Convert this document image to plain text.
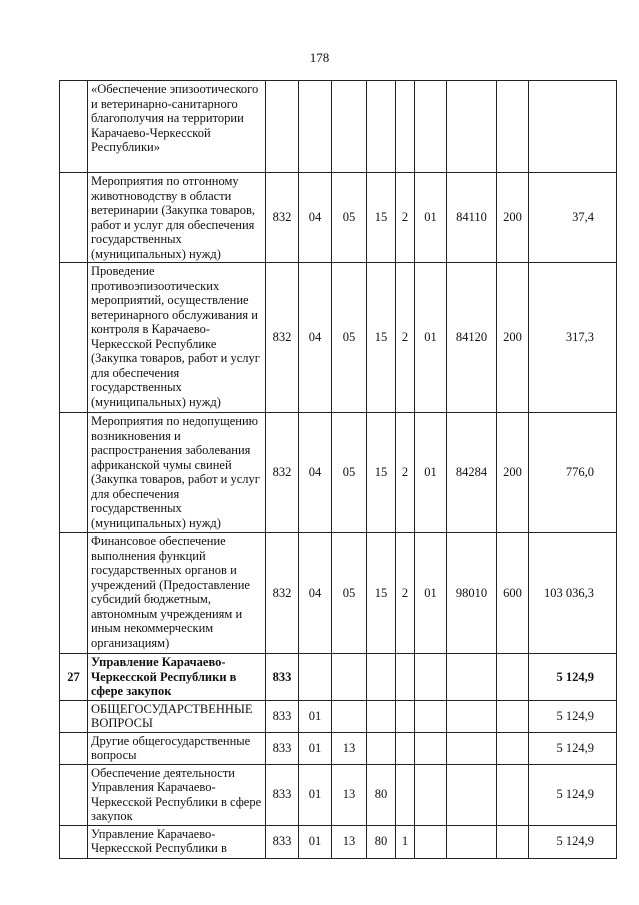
178
	«Обеспечение эпизоотического и ветеринарно-санитарного благополучия на территории Карачаево-Черкесской Республики»									
	Мероприятия по отгонному животноводству в области ветеринарии (Закупка товаров, работ и услуг для обеспечения государственных (муниципальных) нужд)	832	04	05	15	2	01	84110	200	37,4
	Проведение противоэпизоотических мероприятий, осуществление ветеринарного обслуживания и контроля в Карачаево-Черкесской Республике (Закупка товаров, работ и услуг для обеспечения государственных (муниципальных) нужд)	832	04	05	15	2	01	84120	200	317,3
	Мероприятия по недопущению возникновения и распространения заболевания африканской чумы свиней (Закупка товаров, работ и услуг для обеспечения государственных (муниципальных) нужд)	832	04	05	15	2	01	84284	200	776,0
	Финансовое обеспечение выполнения функций государственных органов и учреждений (Предоставление субсидий бюджетным, автономным учреждениям и иным некоммерческим организациям)	832	04	05	15	2	01	98010	600	103 036,3
27	Управление Карачаево-Черкесской Республики в сфере закупок	833								5 124,9
	ОБЩЕГОСУДАРСТВЕННЫЕ ВОПРОСЫ	833	01							5 124,9
	Другие общегосударственные вопросы	833	01	13						5 124,9
	Обеспечение деятельности Управления Карачаево-Черкесской Республики в сфере закупок	833	01	13	80					5 124,9
	Управление Карачаево-Черкесской Республики в	833	01	13	80	1				5 124,9
